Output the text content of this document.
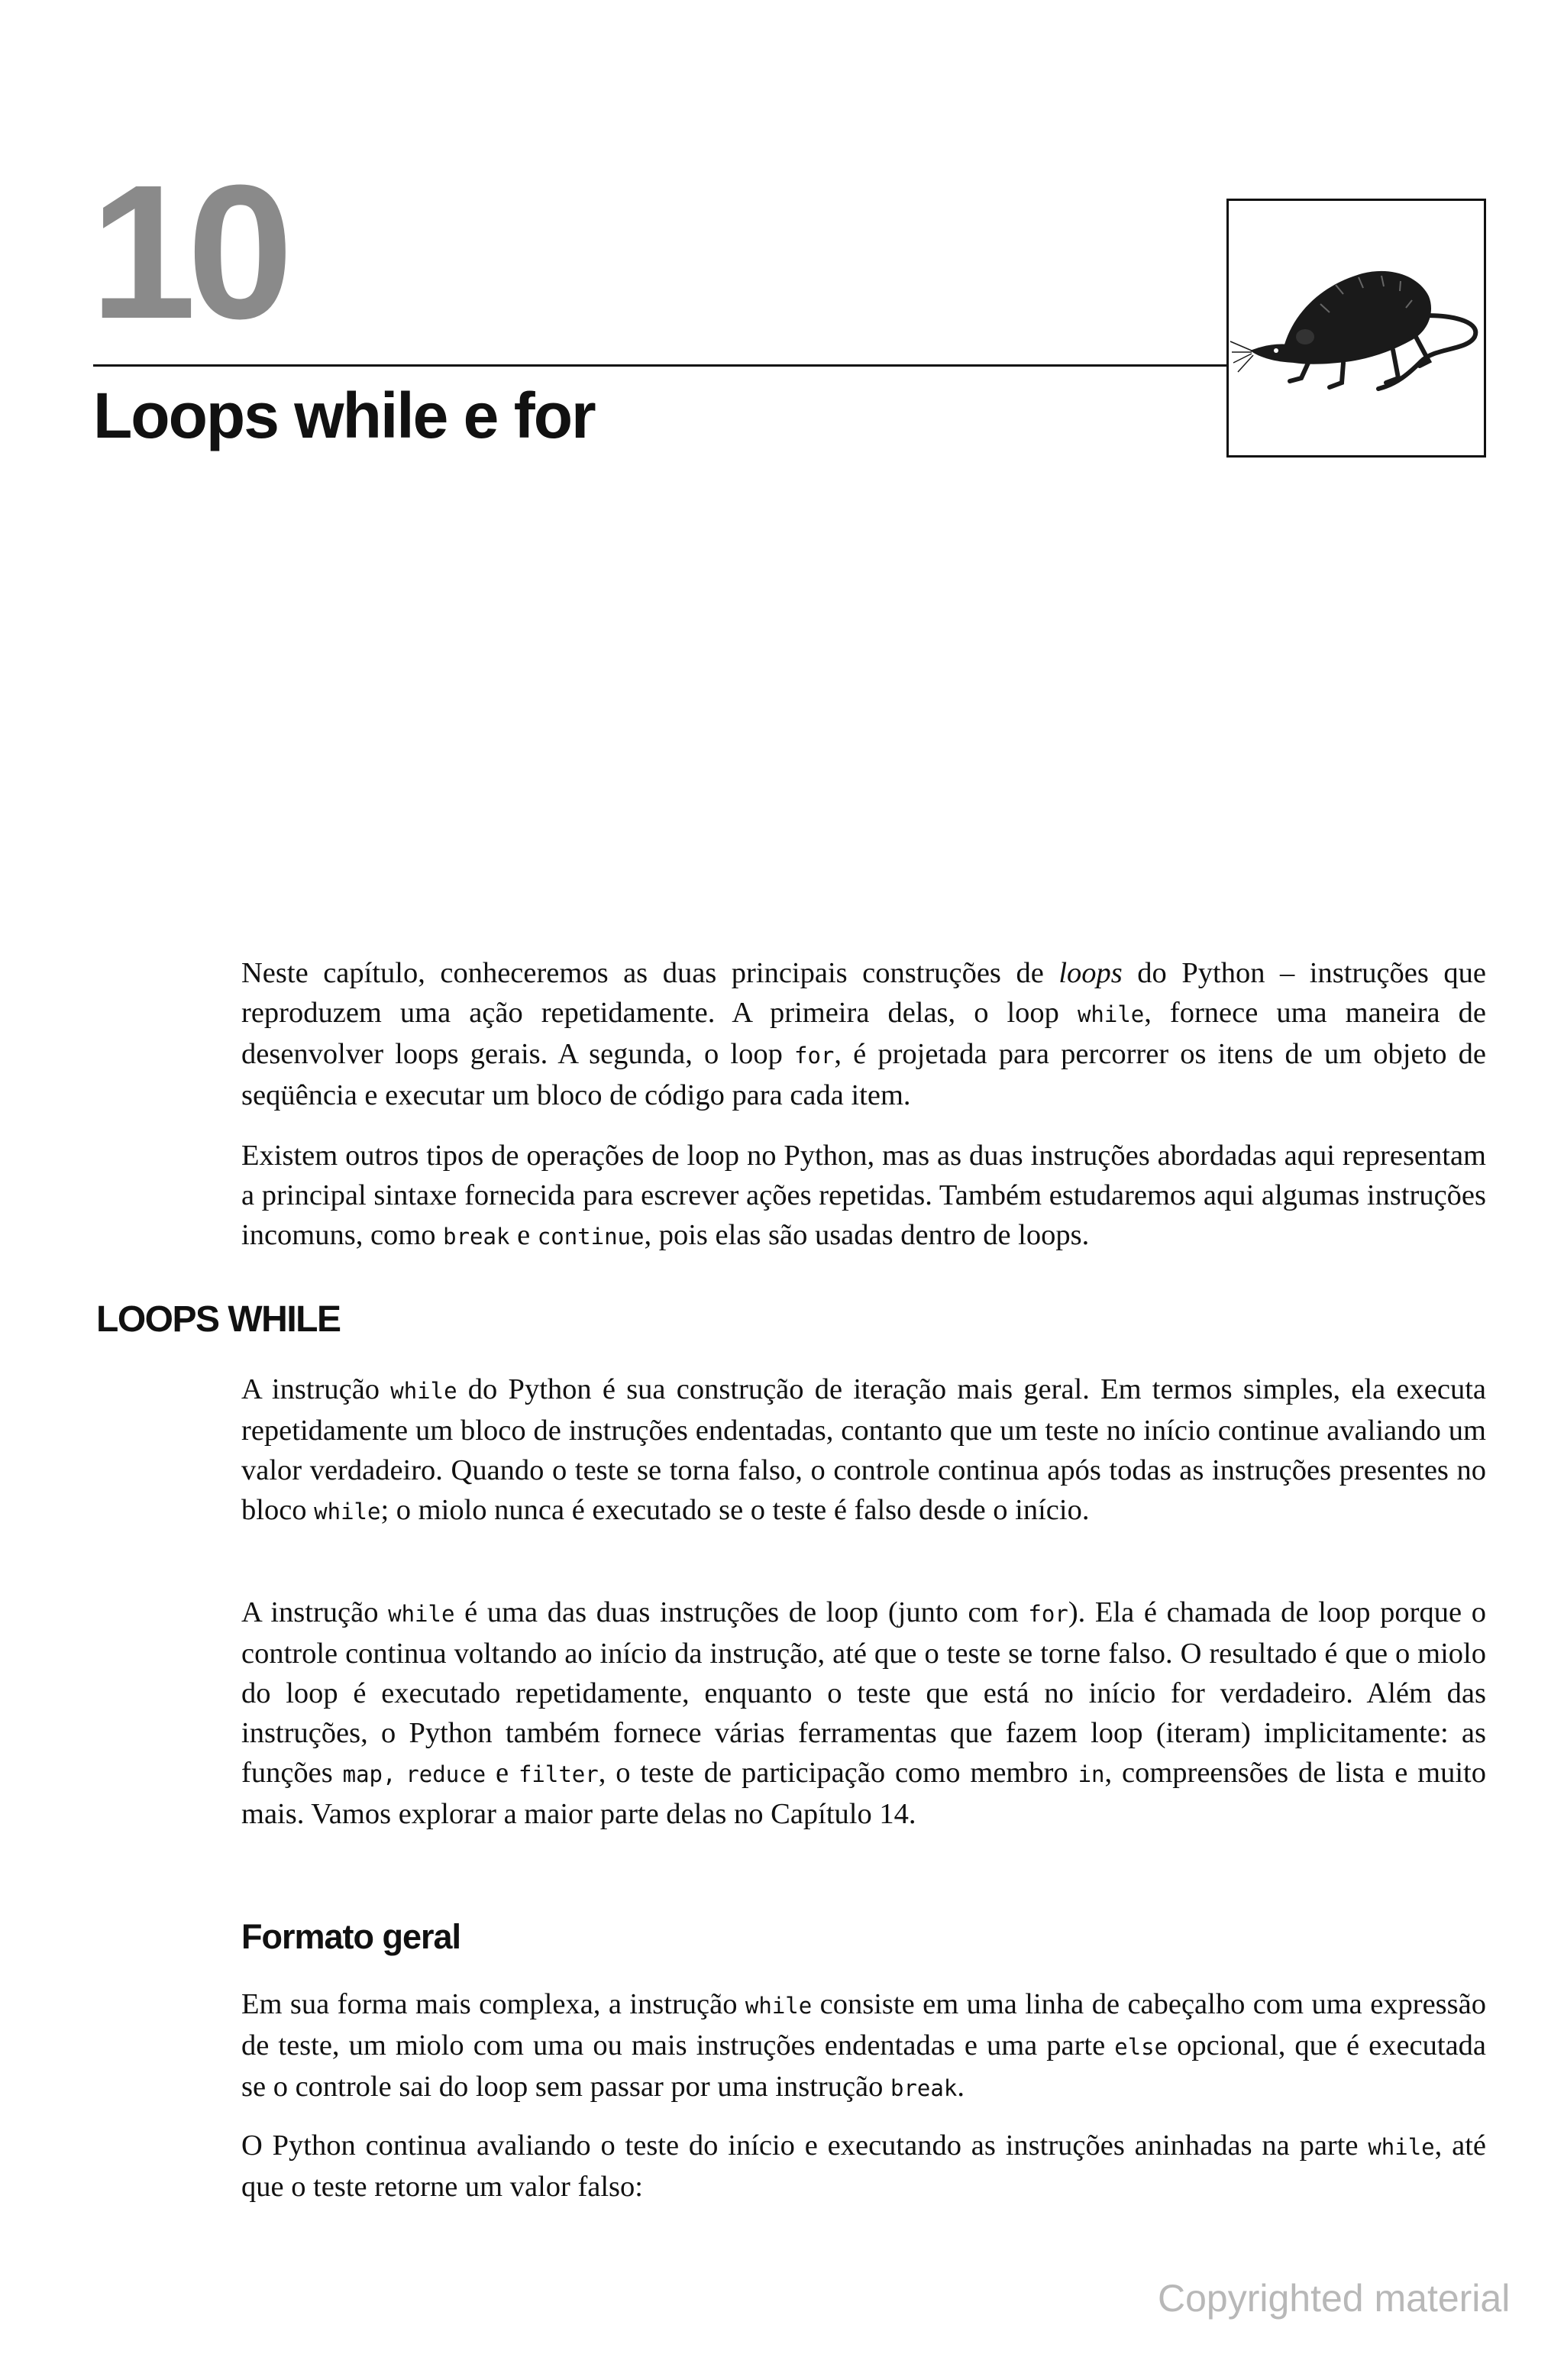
10
Loops while e for

Neste capítulo, conheceremos as duas principais construções de loops do Python – instruções que reproduzem uma ação repetidamente. A primeira delas, o loop while, fornece uma maneira de desenvolver loops gerais. A segunda, o loop for, é projetada para percorrer os itens de um objeto de seqüência e executar um bloco de código para cada item.

Existem outros tipos de operações de loop no Python, mas as duas instruções abordadas aqui representam a principal sintaxe fornecida para escrever ações repetidas. Também estudaremos aqui algumas instruções incomuns, como break e continue, pois elas são usadas dentro de loops.

LOOPS WHILE

A instrução while do Python é sua construção de iteração mais geral. Em termos simples, ela executa repetidamente um bloco de instruções endentadas, contanto que um teste no início continue avaliando um valor verdadeiro. Quando o teste se torna falso, o controle continua após todas as instruções presentes no bloco while; o miolo nunca é executado se o teste é falso desde o início.

A instrução while é uma das duas instruções de loop (junto com for). Ela é chamada de loop porque o controle continua voltando ao início da instrução, até que o teste se torne falso. O resultado é que o miolo do loop é executado repetidamente, enquanto o teste que está no início for verdadeiro. Além das instruções, o Python também fornece várias ferramentas que fazem loop (iteram) implicitamente: as funções map, reduce e filter, o teste de participação como membro in, compreensões de lista e muito mais. Vamos explorar a maior parte delas no Capítulo 14.

Formato geral

Em sua forma mais complexa, a instrução while consiste em uma linha de cabeçalho com uma expressão de teste, um miolo com uma ou mais instruções endentadas e uma parte else opcional, que é executada se o controle sai do loop sem passar por uma instrução break.

O Python continua avaliando o teste do início e executando as instruções aninhadas na parte while, até que o teste retorne um valor falso:

Copyrighted material
